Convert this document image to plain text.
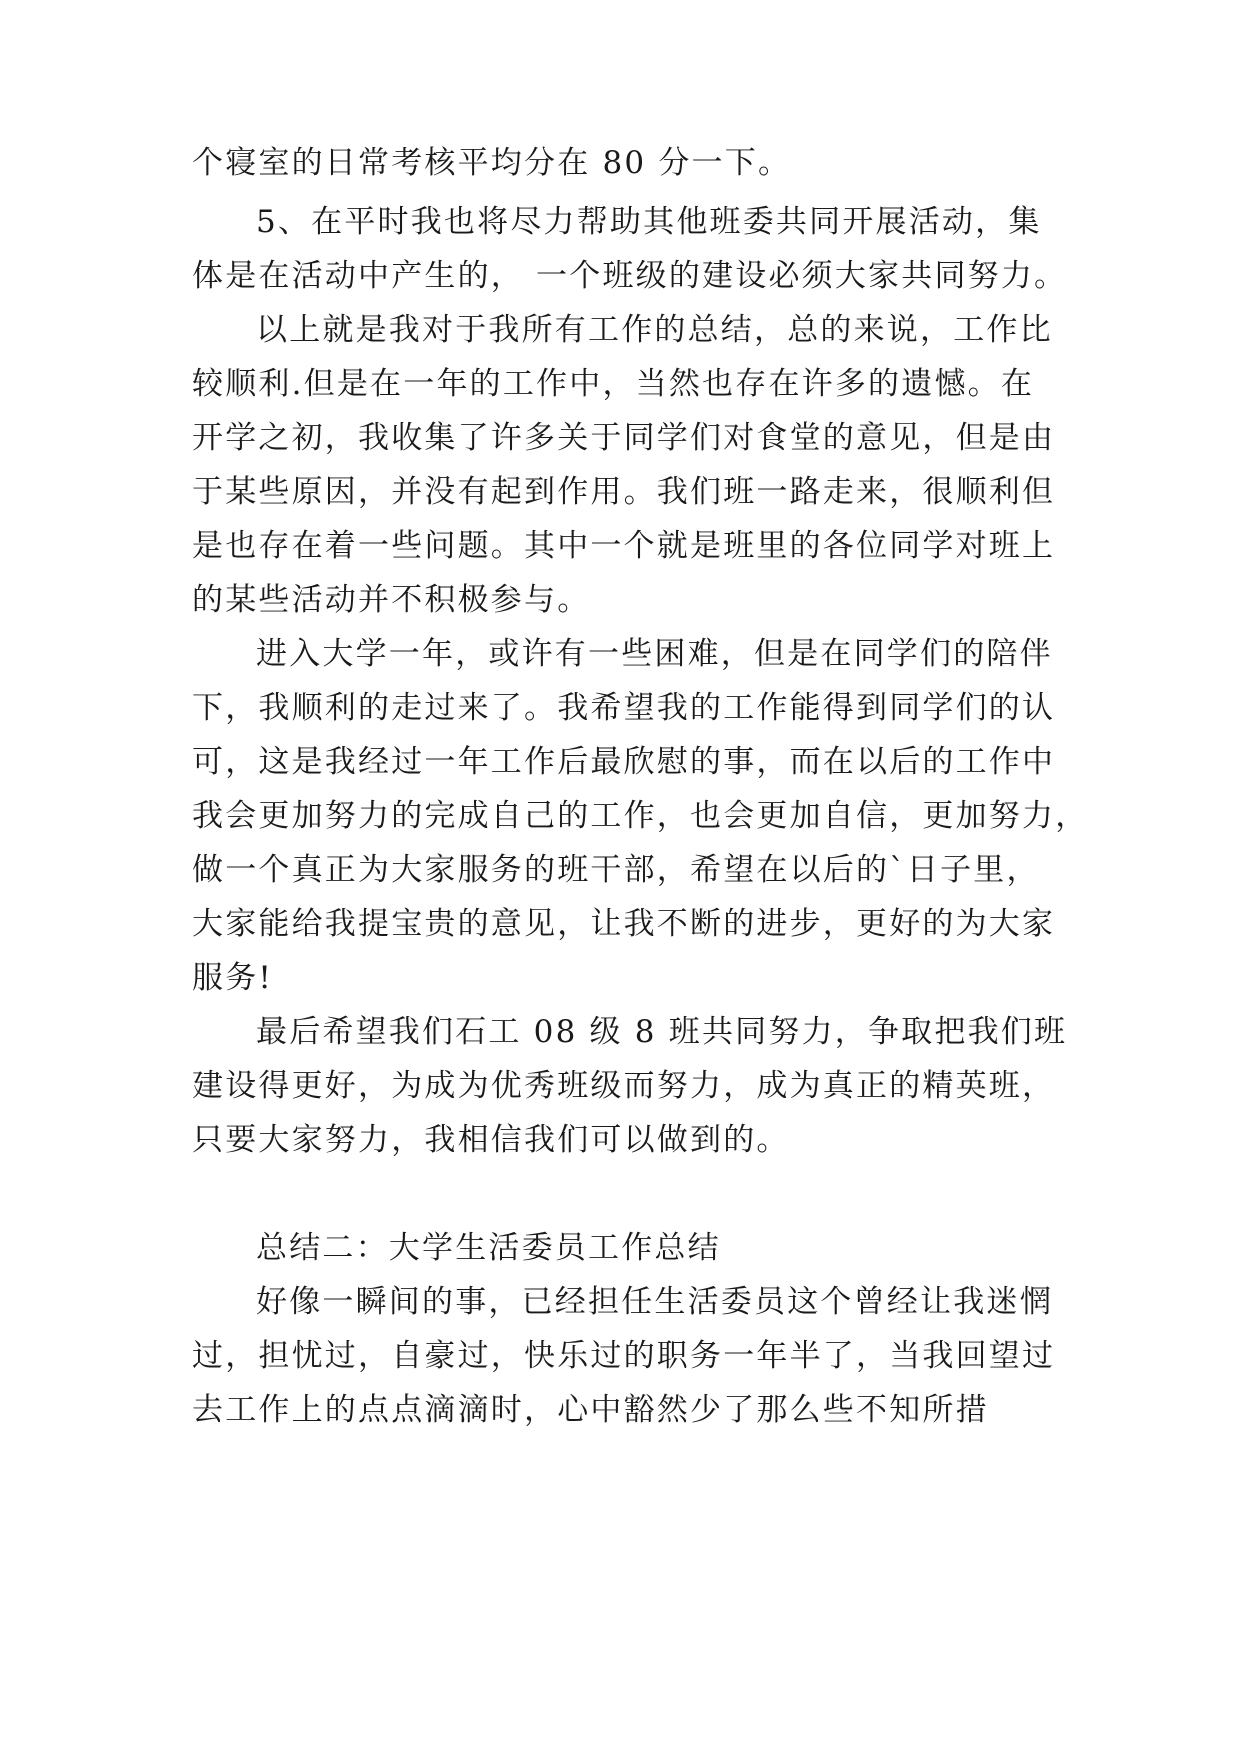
个寝室的日常考核平均分在 80 分一下。
5、在平时我也将尽力帮助其他班委共同开展活动，集
体是在活动中产生的， 一个班级的建设必须大家共同努力。
以上就是我对于我所有工作的总结，总的来说，工作比
较顺利.但是在一年的工作中，当然也存在许多的遗憾。在
开学之初，我收集了许多关于同学们对食堂的意见，但是由
于某些原因，并没有起到作用。我们班一路走来，很顺利但
是也存在着一些问题。其中一个就是班里的各位同学对班上
的某些活动并不积极参与。
进入大学一年，或许有一些困难，但是在同学们的陪伴
下，我顺利的走过来了。我希望我的工作能得到同学们的认
可，这是我经过一年工作后最欣慰的事，而在以后的工作中
我会更加努力的完成自己的工作，也会更加自信，更加努力，
做一个真正为大家服务的班干部，希望在以后的`日子里，
大家能给我提宝贵的意见，让我不断的进步，更好的为大家
服务!
最后希望我们石工 08 级 8 班共同努力，争取把我们班
建设得更好，为成为优秀班级而努力，成为真正的精英班，
只要大家努力，我相信我们可以做到的。
总结二：大学生活委员工作总结
好像一瞬间的事，已经担任生活委员这个曾经让我迷惘
过，担忧过，自豪过，快乐过的职务一年半了，当我回望过
去工作上的点点滴滴时，心中豁然少了那么些不知所措
